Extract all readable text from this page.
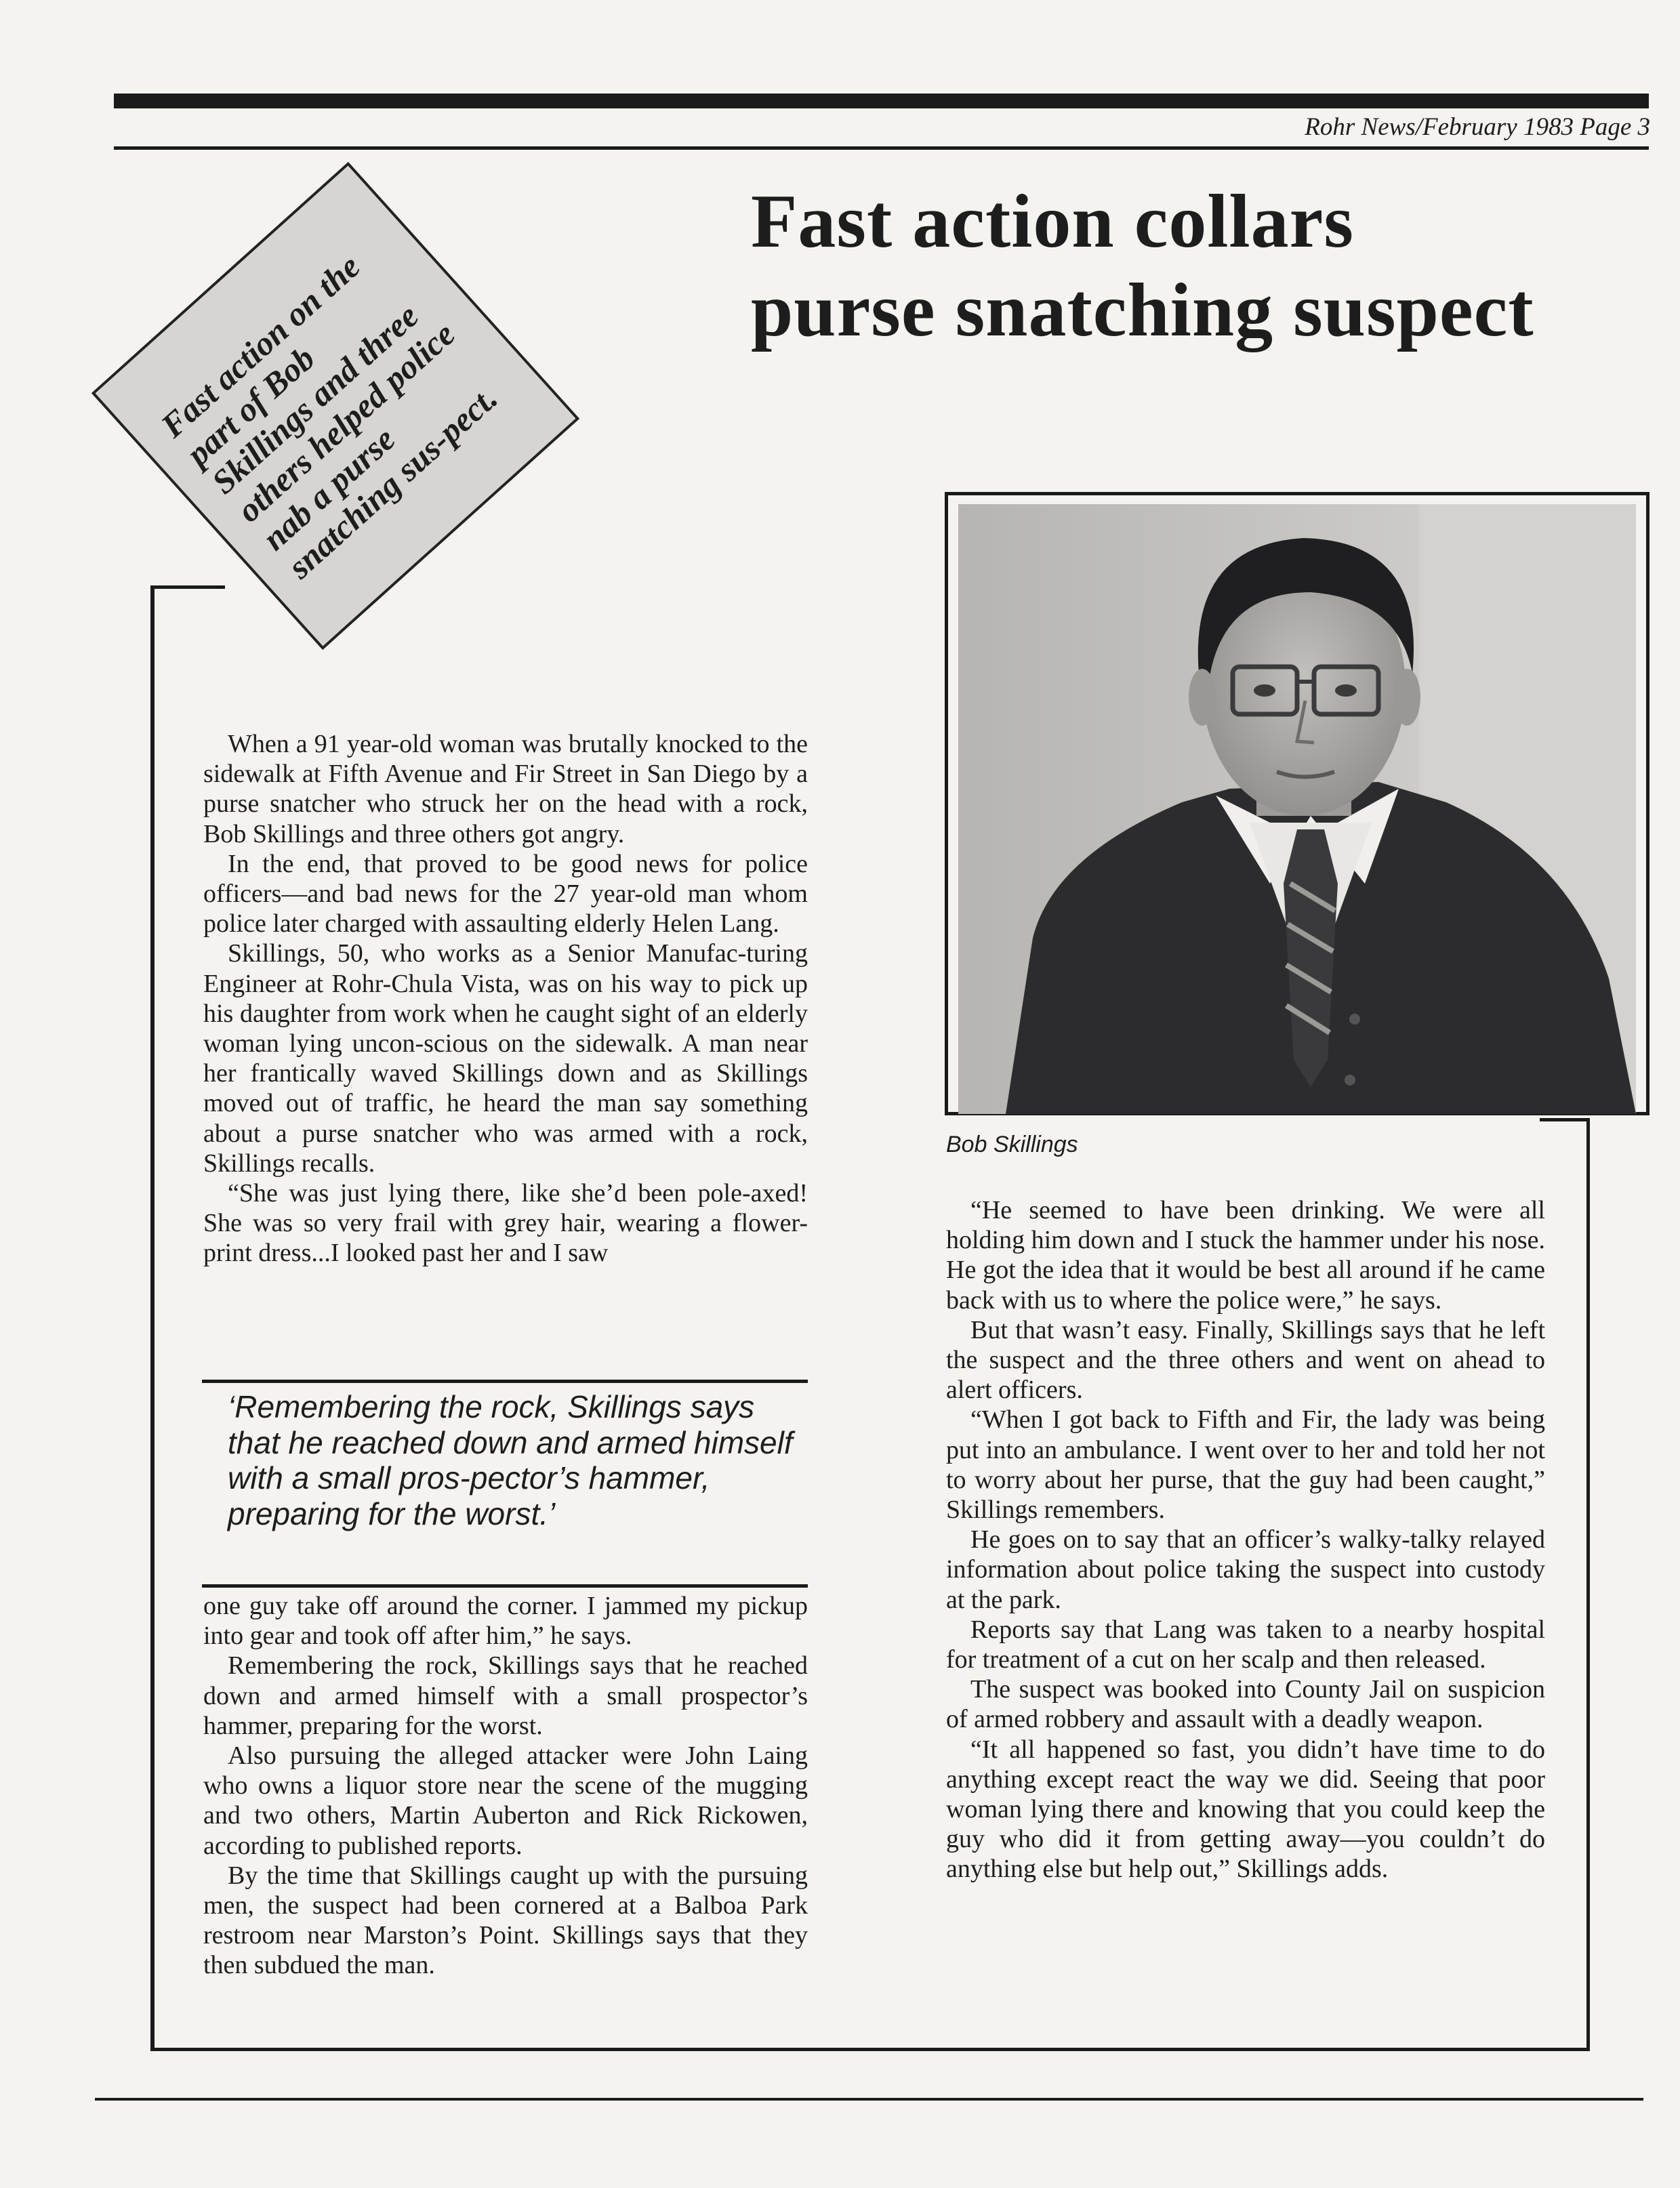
Rohr News/February 1983 Page 3
Fast action collars
purse snatching suspect
Fast action on the part of Bob Skillings and three others helped police nab a purse snatching sus-pect.

When a 91 year-old woman was brutally knocked to the sidewalk at Fifth Avenue and Fir Street in San Diego by a purse snatcher who struck her on the head with a rock, Bob Skillings and three others got angry.

In the end, that proved to be good news for police officers—and bad news for the 27 year-old man whom police later charged with assaulting elderly Helen Lang.

Skillings, 50, who works as a Senior Manufac-turing Engineer at Rohr-Chula Vista, was on his way to pick up his daughter from work when he caught sight of an elderly woman lying uncon-scious on the sidewalk. A man near her frantically waved Skillings down and as Skillings moved out of traffic, he heard the man say something about a purse snatcher who was armed with a rock, Skillings recalls.

“She was just lying there, like she’d been pole-axed! She was so very frail with grey hair, wearing a flower-print dress...I looked past her and I saw

‘Remembering the rock, Skillings says that he reached down and armed himself with a small pros-pector’s hammer, preparing for the worst.’

one guy take off around the corner. I jammed my pickup into gear and took off after him,” he says.

Remembering the rock, Skillings says that he reached down and armed himself with a small prospector’s hammer, preparing for the worst.

Also pursuing the alleged attacker were John Laing who owns a liquor store near the scene of the mugging and two others, Martin Auberton and Rick Rickowen, according to published reports.

By the time that Skillings caught up with the pursuing men, the suspect had been cornered at a Balboa Park restroom near Marston’s Point. Skillings says that they then subdued the man.

Bob Skillings

“He seemed to have been drinking. We were all holding him down and I stuck the hammer under his nose. He got the idea that it would be best all around if he came back with us to where the police were,” he says.

But that wasn’t easy. Finally, Skillings says that he left the suspect and the three others and went on ahead to alert officers.

“When I got back to Fifth and Fir, the lady was being put into an ambulance. I went over to her and told her not to worry about her purse, that the guy had been caught,” Skillings remembers.

He goes on to say that an officer’s walky-talky relayed information about police taking the suspect into custody at the park.

Reports say that Lang was taken to a nearby hospital for treatment of a cut on her scalp and then released.

The suspect was booked into County Jail on suspicion of armed robbery and assault with a deadly weapon.

“It all happened so fast, you didn’t have time to do anything except react the way we did. Seeing that poor woman lying there and knowing that you could keep the guy who did it from getting away—you couldn’t do anything else but help out,” Skillings adds.
